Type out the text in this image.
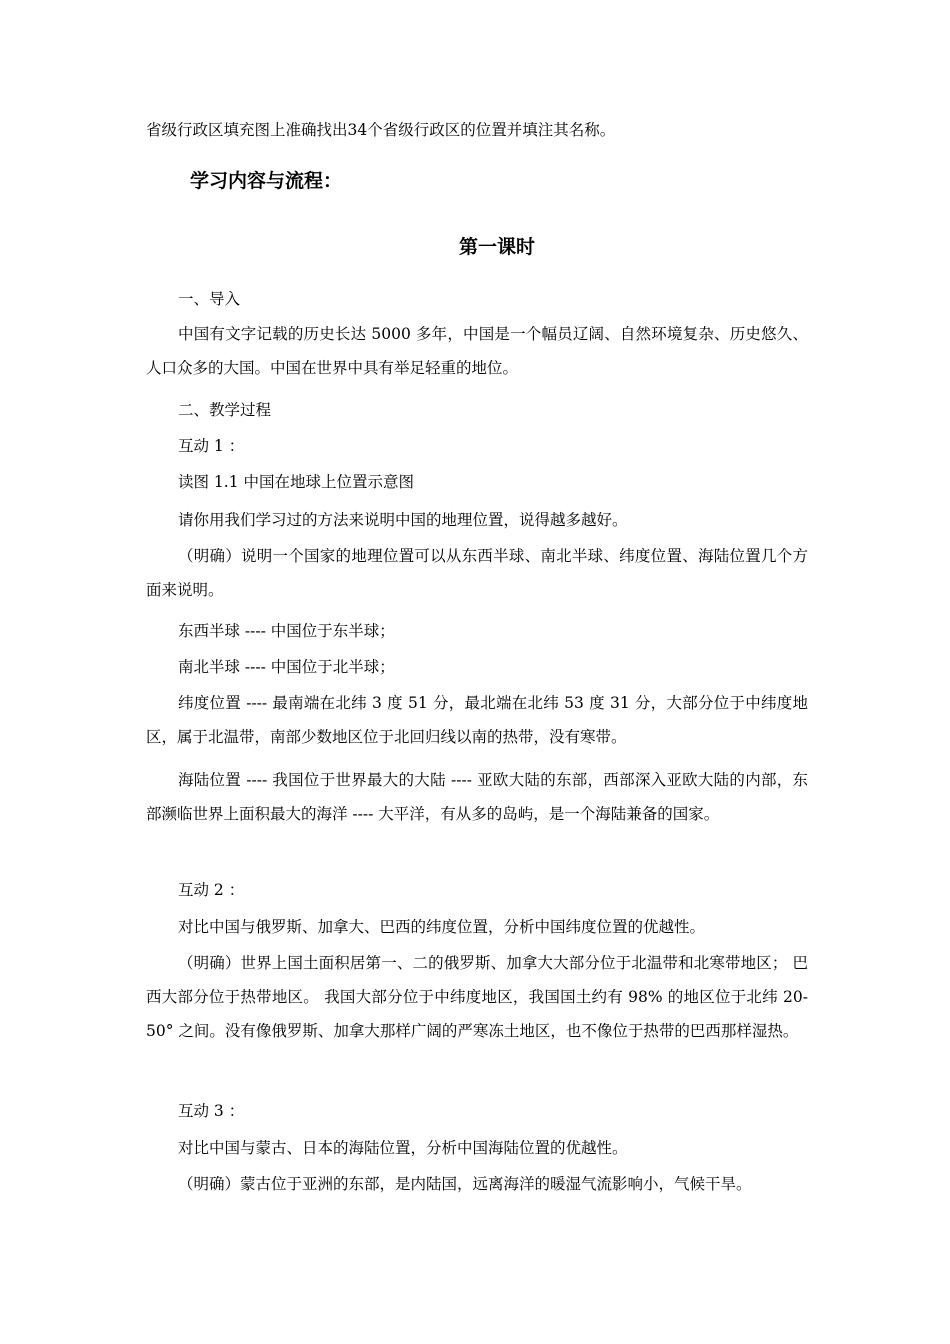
省级行政区填充图上准确找出34个省级行政区的位置并填注其名称。
学习内容与流程：
第一课时
一、导入
中国有文字记载的历史长达 5000 多年，中国是一个幅员辽阔、自然环境复杂、历史悠久、人口众多的大国。中国在世界中具有举足轻重的地位。
二、教学过程
互动 1 ：
读图 1.1 中国在地球上位置示意图
请你用我们学习过的方法来说明中国的地理位置，说得越多越好。
（明确）说明一个国家的地理位置可以从东西半球、南北半球、纬度位置、海陆位置几个方面来说明。
东西半球 ---- 中国位于东半球；
南北半球 ---- 中国位于北半球；
纬度位置 ---- 最南端在北纬 3 度 51 分，最北端在北纬 53 度 31 分，大部分位于中纬度地区，属于北温带，南部少数地区位于北回归线以南的热带，没有寒带。
海陆位置 ---- 我国位于世界最大的大陆 ---- 亚欧大陆的东部，西部深入亚欧大陆的内部，东部濒临世界上面积最大的海洋 ---- 大平洋，有从多的岛屿，是一个海陆兼备的国家。
互动 2 ：
对比中国与俄罗斯、加拿大、巴西的纬度位置，分析中国纬度位置的优越性。
（明确）世界上国土面积居第一、二的俄罗斯、加拿大大部分位于北温带和北寒带地区； 巴西大部分位于热带地区。 我国大部分位于中纬度地区，我国国土约有 98% 的地区位于北纬 20-50° 之间。没有像俄罗斯、加拿大那样广阔的严寒冻土地区，也不像位于热带的巴西那样湿热。
互动 3 ：
对比中国与蒙古、日本的海陆位置，分析中国海陆位置的优越性。
（明确）蒙古位于亚洲的东部，是内陆国，远离海洋的暖湿气流影响小，气候干旱。
